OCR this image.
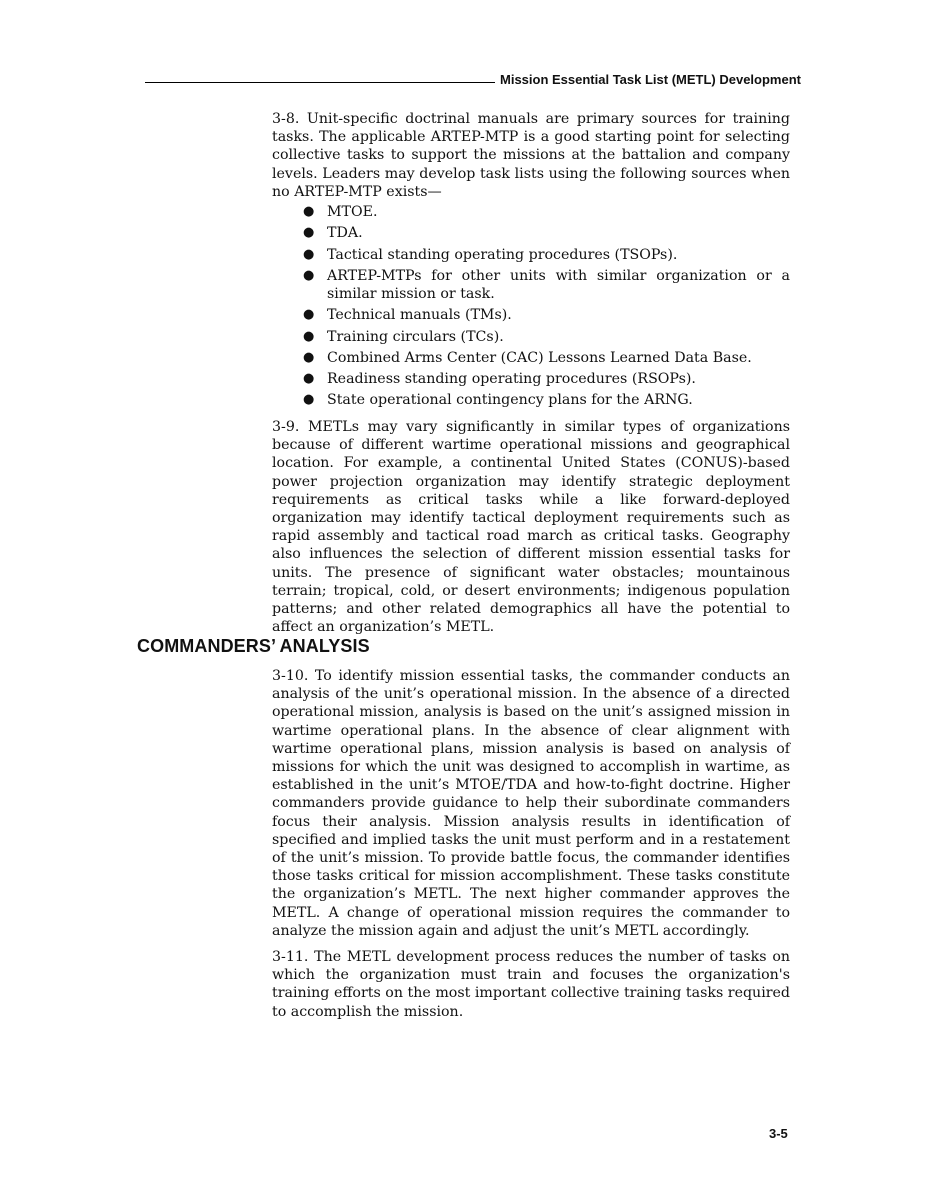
Mission Essential Task List (METL) Development

3-8. Unit-specific doctrinal manuals are primary sources for training tasks. The applicable ARTEP-MTP is a good starting point for selecting collective tasks to support the missions at the battalion and company levels. Leaders may develop task lists using the following sources when no ARTEP-MTP exists—

● MTOE.
● TDA.
● Tactical standing operating procedures (TSOPs).
● ARTEP-MTPs for other units with similar organization or a similar mission or task.
● Technical manuals (TMs).
● Training circulars (TCs).
● Combined Arms Center (CAC) Lessons Learned Data Base.
● Readiness standing operating procedures (RSOPs).
● State operational contingency plans for the ARNG.

3-9. METLs may vary significantly in similar types of organizations because of different wartime operational missions and geographical location. For example, a continental United States (CONUS)-based power projection organization may identify strategic deployment requirements as critical tasks while a like forward-deployed organization may identify tactical deployment requirements such as rapid assembly and tactical road march as critical tasks. Geography also influences the selection of different mission essential tasks for units. The presence of significant water obstacles; mountainous terrain; tropical, cold, or desert environments; indigenous population patterns; and other related demographics all have the potential to affect an organization’s METL.

COMMANDERS’ ANALYSIS

3-10. To identify mission essential tasks, the commander conducts an analysis of the unit’s operational mission. In the absence of a directed operational mission, analysis is based on the unit’s assigned mission in wartime operational plans. In the absence of clear alignment with wartime operational plans, mission analysis is based on analysis of missions for which the unit was designed to accomplish in wartime, as established in the unit’s MTOE/TDA and how-to-fight doctrine. Higher commanders provide guidance to help their subordinate commanders focus their analysis. Mission analysis results in identification of specified and implied tasks the unit must perform and in a restatement of the unit’s mission. To provide battle focus, the commander identifies those tasks critical for mission accomplishment. These tasks constitute the organization’s METL. The next higher commander approves the METL. A change of operational mission requires the commander to analyze the mission again and adjust the unit’s METL accordingly.

3-11. The METL development process reduces the number of tasks on which the organization must train and focuses the organization's training efforts on the most important collective training tasks required to accomplish the mission.

3-5
